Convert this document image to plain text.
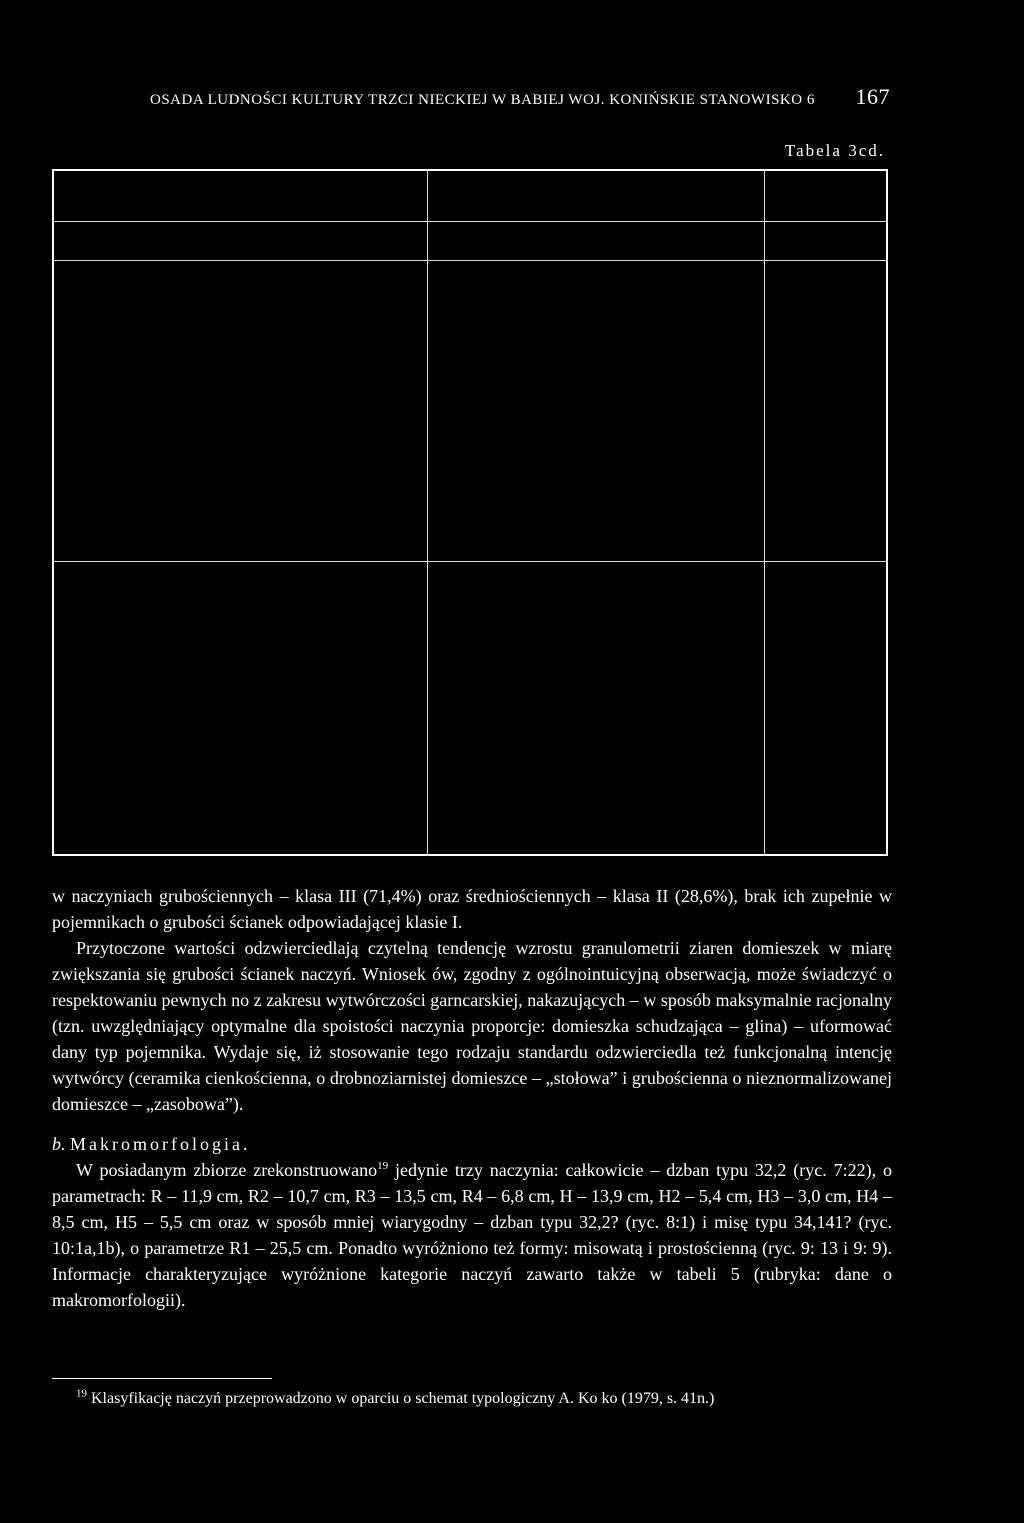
OSADA LUDNOŚCI KULTURY TRZCI NIECKIEJ W BABIEJ WOJ. KONIŃSKIE STANOWISKO 6 167
Tabela 3cd.

w naczyniach grubościennych – klasa III (71,4%) oraz średniościennych – klasa II (28,6%), brak ich zupełnie w pojemnikach o grubości ścianek odpowiadającej klasie I.

Przytoczone wartości odzwierciedlają czytelną tendencję wzrostu granulometrii ziaren domieszek w miarę zwiększania się grubości ścianek naczyń. Wniosek ów, zgodny z ogólnointuicyjną obserwacją, może świadczyć o respektowaniu pewnych no z zakresu wytwórczości garncarskiej, nakazujących – w sposób maksymalnie racjonalny (tzn. uwzględniający optymalne dla spoistości naczynia proporcje: domieszka schudzająca – glina) – uformować dany typ pojemnika. Wydaje się, iż stosowanie tego rodzaju standardu odzwierciedla też funkcjonalną intencję wytwórcy (ceramika cienkościenna, o drobnoziarnistej domieszce – „stołowa” i grubościenna o nieznormalizowanej domieszce – „zasobowa”).

b. Makromorfologia.

W posiadanym zbiorze zrekonstruowano$^{19}$ jedynie trzy naczynia: całkowicie – dzban typu 32,2 (ryc. 7:22), o parametrach: R – 11,9 cm, R2 – 10,7 cm, R3 – 13,5 cm, R4 – 6,8 cm, H – 13,9 cm, H2 – 5,4 cm, H3 – 3,0 cm, H4 – 8,5 cm, H5 – 5,5 cm oraz w sposób mniej wiarygodny – dzban typu 32,2? (ryc. 8:1) i misę typu 34,141? (ryc. 10:1a,1b), o parametrze R1 – 25,5 cm. Ponadto wyróżniono też formy: misowatą i prostościenną (ryc. 9: 13 i 9: 9). Informacje charakteryzujące wyróżnione kategorie naczyń zawarto także w tabeli 5 (rubryka: dane o makromorfologii).

$^{19}$ Klasyfikację naczyń przeprowadzono w oparciu o schemat typologiczny A. Ko ko (1979, s. 41n.)
